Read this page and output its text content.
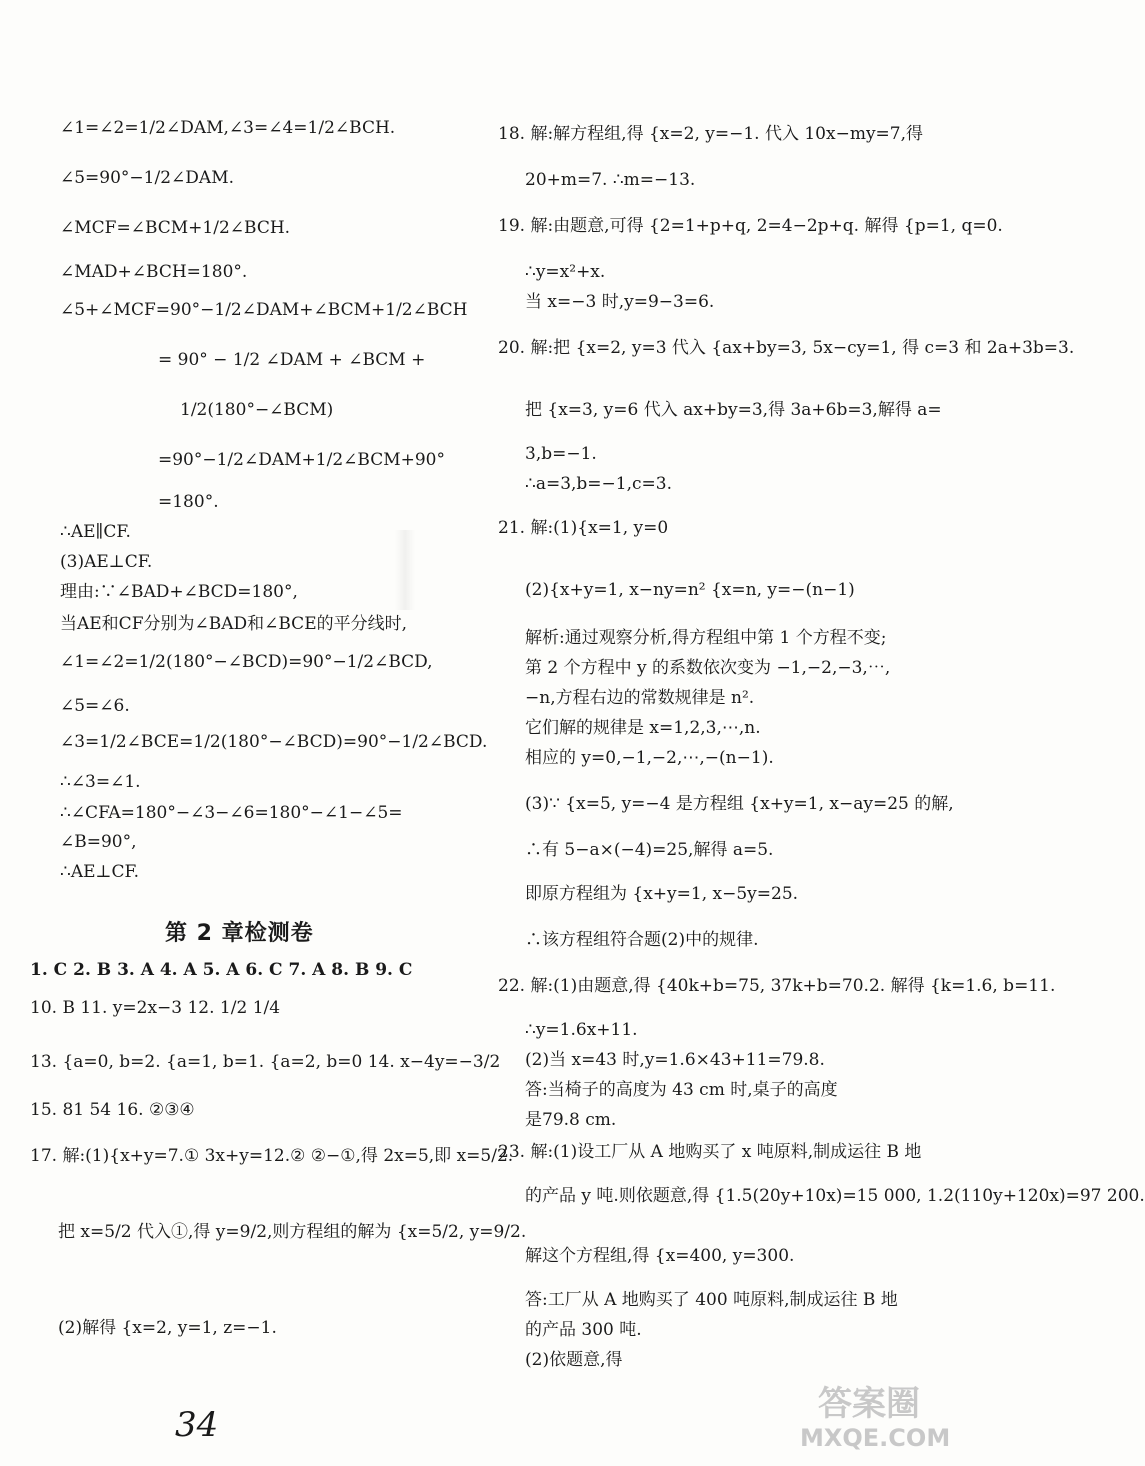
∠1=∠2=1/2∠DAM,∠3=∠4=1/2∠BCH.
∠5=90°−1/2∠DAM.
∠MCF=∠BCM+1/2∠BCH.
∠MAD+∠BCH=180°.
∠5+∠MCF=90°−1/2∠DAM+∠BCM+1/2∠BCH
= 90° − 1/2 ∠DAM + ∠BCM +
1/2(180°−∠BCM)
=90°−1/2∠DAM+1/2∠BCM+90°
=180°.
∴AE∥CF.
(3)AE⊥CF.
理由:∵∠BAD+∠BCD=180°,
当AE和CF分别为∠BAD和∠BCE的平分线时,
∠1=∠2=1/2(180°−∠BCD)=90°−1/2∠BCD,
∠5=∠6.
∠3=1/2∠BCE=1/2(180°−∠BCD)=90°−1/2∠BCD.
∴∠3=∠1.
∴∠CFA=180°−∠3−∠6=180°−∠1−∠5=
∠B=90°,
∴AE⊥CF.
第 2 章检测卷
1. C 2. B 3. A 4. A 5. A 6. C 7. A 8. B 9. C
10. B 11. y=2x−3 12. 1/2 1/4
13. {a=0, b=2. {a=1, b=1. {a=2, b=0 14. x−4y=−3/2
15. 81 54 16. ②③④
17. 解:(1){x+y=7.① 3x+y=12.② ②−①,得 2x=5,即 x=5/2.
把 x=5/2 代入①,得 y=9/2,则方程组的解为 {x=5/2, y=9/2.
(2)解得 {x=2, y=1, z=−1.
18. 解:解方程组,得 {x=2, y=−1. 代入 10x−my=7,得
20+m=7. ∴m=−13.
19. 解:由题意,可得 {2=1+p+q, 2=4−2p+q. 解得 {p=1, q=0.
∴y=x²+x.
当 x=−3 时,y=9−3=6.
20. 解:把 {x=2, y=3 代入 {ax+by=3, 5x−cy=1, 得 c=3 和 2a+3b=3.
把 {x=3, y=6 代入 ax+by=3,得 3a+6b=3,解得 a=
3,b=−1.
∴a=3,b=−1,c=3.
21. 解:(1){x=1, y=0
(2){x+y=1, x−ny=n² {x=n, y=−(n−1)
解析:通过观察分析,得方程组中第 1 个方程不变;
第 2 个方程中 y 的系数依次变为 −1,−2,−3,⋯,
−n,方程右边的常数规律是 n².
它们解的规律是 x=1,2,3,⋯,n.
相应的 y=0,−1,−2,⋯,−(n−1).
(3)∵ {x=5, y=−4 是方程组 {x+y=1, x−ay=25 的解,
∴有 5−a×(−4)=25,解得 a=5.
即原方程组为 {x+y=1, x−5y=25.
∴该方程组符合题(2)中的规律.
22. 解:(1)由题意,得 {40k+b=75, 37k+b=70.2. 解得 {k=1.6, b=11.
∴y=1.6x+11.
(2)当 x=43 时,y=1.6×43+11=79.8.
答:当椅子的高度为 43 cm 时,桌子的高度
是79.8 cm.
23. 解:(1)设工厂从 A 地购买了 x 吨原料,制成运往 B 地
的产品 y 吨.则依题意,得 {1.5(20y+10x)=15 000, 1.2(110y+120x)=97 200.
解这个方程组,得 {x=400, y=300.
答:工厂从 A 地购买了 400 吨原料,制成运往 B 地
的产品 300 吨.
(2)依题意,得
34
答案圈
MXQE.COM
